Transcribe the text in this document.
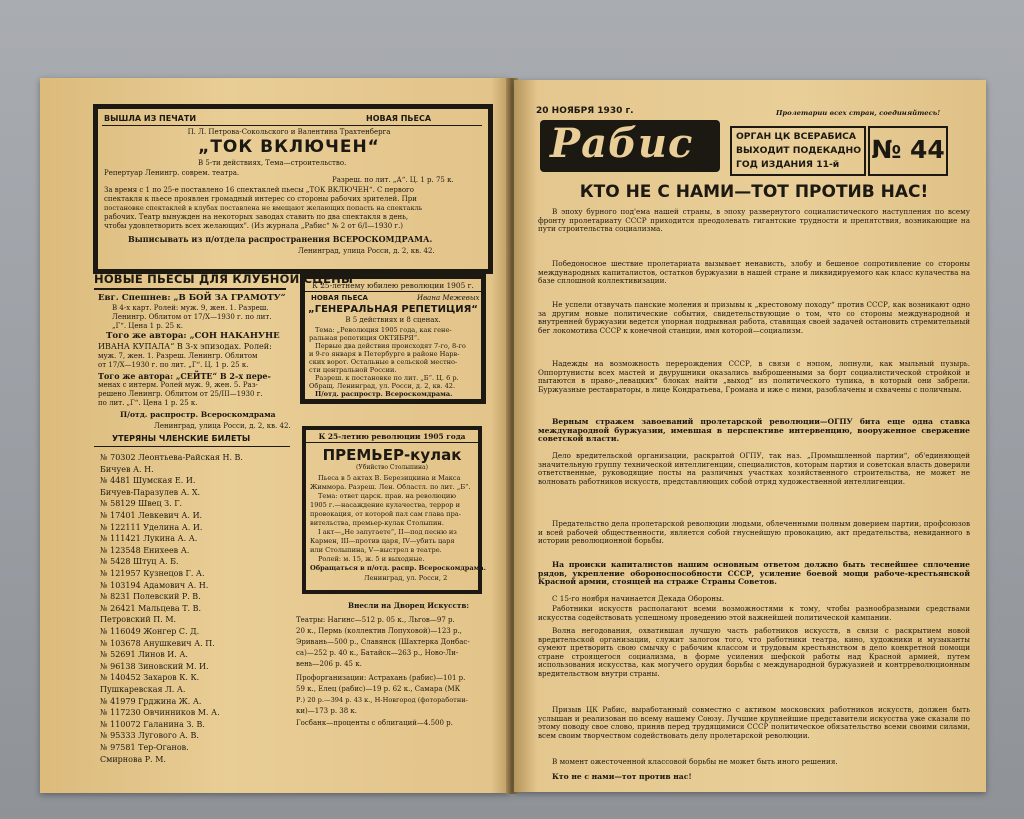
ВЫШЛА ИЗ ПЕЧАТИ	НОВАЯ ПЬЕСА
П. Л. Петрова-Сокольского и Валентина Трахтенберга
„ТОК ВКЛЮЧЕН“
В 5-ти действиях, Тема—строительство.
Репертуар Ленингр. соврем. театра.
Разреш. по лит. „А“. Ц. 1 р. 75 к.
За время с 1 по 25-е поставлено 16 спектаклей пьесы „ТОК ВКЛЮЧЕН“. С первого
спектакля к пьесе проявлен громадный интерес со стороны рабочих зрителей. При
постановке спектаклей в клубах поставлена не вмещают желающих попасть на спектакль
рабочих. Театр вынужден на некоторых заводах ставить по два спектакля в день,
чтобы удовлетворить всех желающих". (Из журнала „Рабис“ № 2 от 6/I—1930 г.)
Выписывать из п/отдела распространения ВСЕРОСКОМДРАМА.
Ленинград, улица Росси, д. 2, кв. 42.
НОВЫЕ ПЬЕСЫ ДЛЯ КЛУБНОЙ СЦЕНЫ
Евг. Спешнев: „В БОЙ ЗА ГРАМОТУ“
В 4-х карт. Ролей: муж. 9, жен. 1. Разреш.
Ленингр. Облитом от 17/X—1930 г. по лит.
„Г“. Цена 1 р. 25 к.
Того же автора: „СОН НАКАНУНЕ
ИВАНА КУПАЛА“ В 3-х эпизодах. Ролей:
муж. 7, жен. 1. Разреш. Ленингр. Облитом
от 17/X—1930 г. по лит. „Г“. Ц. 1 р. 25 к.
Того же автора: „СЕЙТЕ“ В 2-х пере-
менах с интерм. Ролей муж. 9, жен. 5. Раз-
решено Ленингр. Облитом от 25/III—1930 г.
по лит. „Г“. Цена 1 р. 25 к.
П/отд. распростр. Всероскомдрама
Ленинград, улица Росси, д. 2, кв. 42.
К 25-летнему юбилею революции 1905 г.
НОВАЯ ПЬЕСА	Ивана Межевых
„ГЕНЕРАЛЬНАЯ РЕПЕТИЦИЯ“
В 5 действиях и 8 сценах.
Тема: „Революция 1905 года, как гене-
ральная репетиция ОКТЯБРЯ“.
Первые два действия происходят 7-го, 8-го
и 9-го января в Петербурге в районе Нарв-
ских ворот. Остальные в сельской местно-
сти центральной России.
Разреш. к постановке по лит. „Б“. Ц. 6 р.
Обращ. Ленинград, ул. Росси, д. 2, кв. 42.
П/отд. распростр. Всероскомдрама.
К 25-летию революции 1905 года
ПРЕМЬЕР-кулак
(Убийство Столыпина)
Пьеса в 5 актах В. Березицкина и Макса
Жиммора. Разреш. Лен. Областл. по лит. „Б“.
Тема: ответ царск. прав. на революцию
1905 г.—насаждение кулачества, террор и
провокация, от которой пал сам глава пра-
вительства, премьер-кулак Столыпин.
I акт—„Не запугаете“, II—под песню из
Кармен, III—против царя, IV—убить царя
или Столыпина, V—выстрел в театре.
Ролей: м. 15, ж. 5 и выходные.
Обращаться в п/отд. распр. Всероскомдрама.
Ленинград, ул. Росси, 2
УТЕРЯНЫ ЧЛЕНСКИЕ БИЛЕТЫ
№ 70302 Леонтьева-Райская Н. В.
Бичуев А. Н.
№ 4481 Шумская Е. И.
Бичуев-Паразулев А. Х.
№ 58129 Швец З. Г.
№ 17401 Левкевич А. И.
№ 122111 Уделина А. И.
№ 111421 Лукина А. А.
№ 123548 Енихеев А.
№ 5428 Штуц А. Б.
№ 121957 Кузнецов Г. А.
№ 103194 Адамович А. Н.
№ 8231 Полевский Р. В.
№ 26421 Мальцева Т. В.
Петровский П. М.
№ 116049 Жонгер С. Д.
№ 103678 Анушкевич А. П.
№ 52691 Линов И. А.
№ 96138 Зиновский М. И.
№ 140452 Захаров К. К.
Пушкаревская Л. А.
№ 41979 Грджина Ж. А.
№ 117230 Овчинников М. А.
№ 110072 Галанина З. В.
№ 95333 Лугового А. В.
№ 97581 Тер-Оганов.
Смирнова Р. М.
Внесли на Дворец Искусств:
Театры: Нагинс—512 р. 05 к., Льгов—97 р.
20 к., Пермь (коллектив Лопуховой)—123 р.,
Эривань—500 р., Славянск (Шахтерка Донбас-
са)—252 р. 40 к., Батайск—263 р., Ново-Ли-
вень—206 р. 45 к.
Профорганизации: Астрахань (рабис)—101 р.
59 к., Елец (рабис)—19 р. 62 к., Самара (МК
Р.) 20 р.—394 р. 43 к., Н-Новгород (фотоработни-
ки)—173 р. 38 к.
Госбанк—проценты с облигаций—4.500 р.
20 НОЯБРЯ 1930 г.	Пролетарии всех стран, соединяйтесь!
Рабис	ОРГАН ЦК ВСЕРАБИСА
ВЫХОДИТ ПОДЕКАДНО
ГОД ИЗДАНИЯ 11-й
№ 44
КТО НЕ С НАМИ—ТОТ ПРОТИВ НАС!

В эпоху бурного под'ема нашей страны, в эпоху развернутого социалистического наступления по всему фронту пролетариату СССР приходится преодолевать гигантские трудности и препятствия, возникающие на пути строительства социализма.

Победоносное шествие пролетариата вызывает ненависть, злобу и бешеное сопротивление со стороны международных капиталистов, остатков буржуазии в нашей стране и ликвидируемого как класс кулачества на базе сплошной коллективизации.

Не успели отзвучать панские моления и призывы к „крестовому походу“ против СССР, как возникают одно за другим новые политические события, свидетельствующие о том, что со стороны международной и внутренней буржуазии ведется упорная подрывная работа, ставящая своей задачей остановить стремительный бег локомотива СССР к конечной станции, имя которой—социализм.

Надежды на возможность перерождения СССР, в связи с нэпом, лопнули, как мыльный пузырь. Оппортунисты всех мастей и двурушники оказались выброшенными за борт социалистической стройкой и пытаются в право-„левацких“ блоках найти „выход“ из политического тупика, в который они забрели. Буржуазные реставраторы, в лице Кондратьева, Громана и иже с ними, разоблачены и схвачены с поличным.

Верным стражем завоеваний пролетарской революции—ОГПУ бита еще одна ставка международной буржуазии, имевшая в перспективе интервенцию, вооруженное свержение советской власти.

Дело вредительской организации, раскрытой ОГПУ, так наз. „Промышленной партии“, об'единяющей значительную группу технической интеллигенции, специалистов, которым партия и советская власть доверили ответственные, руководящие посты на различных участках хозяйственного строительства, не может не волновать работников искусств, представляющих собой отряд художественной интеллигенции.

Предательство дела пролетарской революции людьми, облеченными полным доверием партии, профсоюзов и всей рабочей общественности, является собой гнуснейшую провокацию, акт предательства, невиданного в истории революционной борьбы.

На происки капиталистов нашим основным ответом должно быть теснейшее сплочение рядов, укрепление обороноспособности СССР, усиление боевой мощи рабоче-крестьянской Красной армии, стоящей на страже Страны Советов.

С 15-го ноября начинается Декада Обороны.

Работники искусств располагают всеми возможностями к тому, чтобы разнообразными средствами искусства содействовать успешному проведению этой важнейшей политической кампании.

Волна негодования, охватившая лучшую часть работников искусств, в связи с раскрытием новой вредительской организации, служит залогом того, что работники театра, кино, художники и музыканты сумеют претворить свою смычку с рабочим классом и трудовым крестьянством в дело конкретной помощи стране строящегося социализма, в форме усиления шефской работы над Красной армией, путем использования искусства, как могучего орудия борьбы с международной буржуазией и контрреволюционным вредительством внутри страны.

Призыв ЦК Рабис, выработанный совместно с активом московских работников искусств, должен быть услышан и реализован по всему нашему Союзу. Лучшие крупнейшие представители искусства уже сказали по этому поводу свое слово, приняв перед трудящимися СССР политическое обязательство всеми своими силами, всем своим творчеством содействовать делу пролетарской революции.

В момент ожесточенной классовой борьбы не может быть иного решения.

Кто не с нами—тот против нас!
